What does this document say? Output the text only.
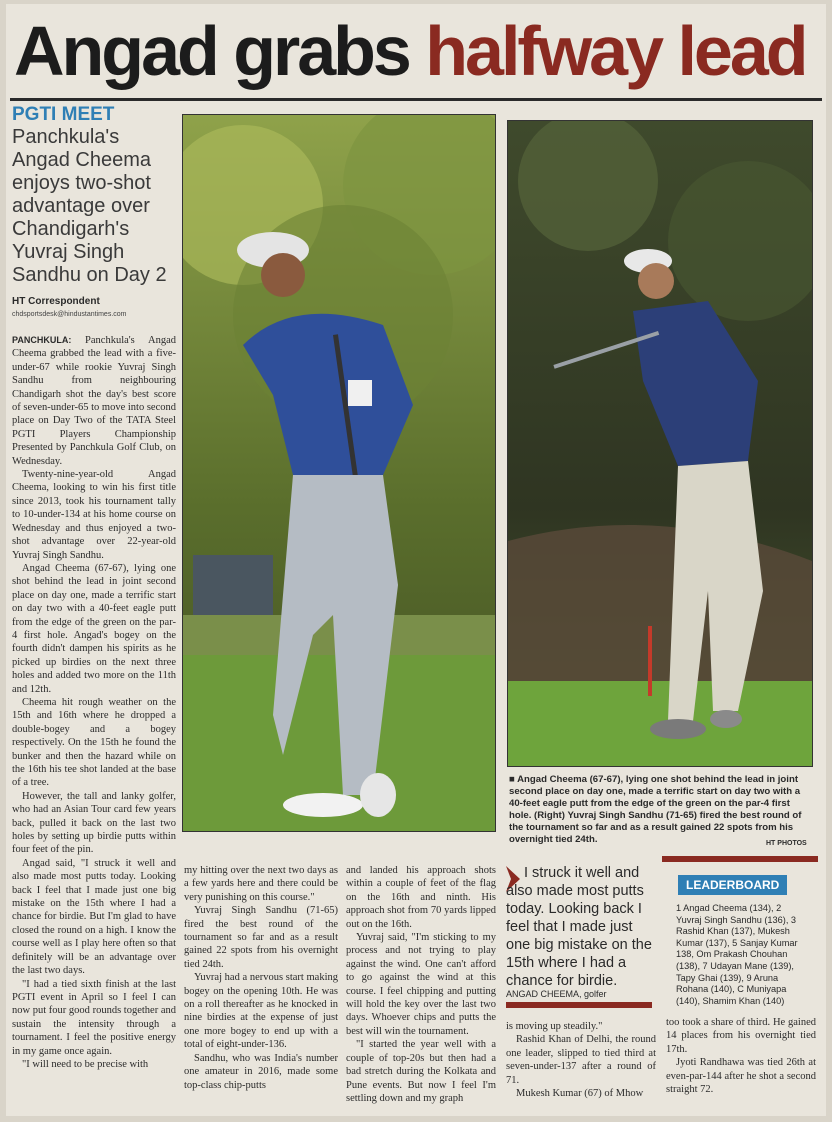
Angad grabs halfway lead
PGTI MEET
Panchkula's Angad Cheema enjoys two-shot advantage over Chandigarh's Yuvraj Singh Sandhu on Day 2
HT Correspondent
chdsportsdesk@hindustantimes.com

PANCHKULA: Panchkula's Angad Cheema grabbed the lead with a five-under-67 while rookie Yuvraj Singh Sandhu from neighbouring Chandigarh shot the day's best score of seven-under-65 to move into second place on Day Two of the TATA Steel PGTI Players Championship Presented by Panchkula Golf Club, on Wednesday.

Twenty-nine-year-old Angad Cheema, looking to win his first title since 2013, took his tournament tally to 10-under-134 at his home course on Wednesday and thus enjoyed a two-shot advantage over 22-year-old Yuvraj Singh Sandhu.

Angad Cheema (67-67), lying one shot behind the lead in joint second place on day one, made a terrific start on day two with a 40-feet eagle putt from the edge of the green on the par-4 first hole. Angad's bogey on the fourth didn't dampen his spirits as he picked up birdies on the next three holes and added two more on the 11th and 12th.

Cheema hit rough weather on the 15th and 16th where he dropped a double-bogey and a bogey respectively. On the 15th he found the bunker and then the hazard while on the 16th his tee shot landed at the base of a tree.

However, the tall and lanky golfer, who had an Asian Tour card few years back, pulled it back on the last two holes by setting up birdie putts within four feet of the pin.

Angad said, "I struck it well and also made most putts today. Looking back I feel that I made just one big mistake on the 15th where I had a chance for birdie. But I'm glad to have closed the round on a high. I know the course well as I play here often so that definitely will be an advantage over the last two days.

"I had a tied sixth finish at the last PGTI event in April so I feel I can now put four good rounds together and sustain the intensity through a tournament. I feel the positive energy in my game once again.

"I will need to be precise with

■ Angad Cheema (67-67), lying one shot behind the lead in joint second place on day one, made a terrific start on day two with a 40-feet eagle putt from the edge of the green on the par-4 first hole. (Right) Yuvraj Singh Sandhu (71-65) fired the best round of the tournament so far and as a result gained 22 spots from his overnight tied 24th.	HT PHOTOS

my hitting over the next two days as a few yards here and there could be very punishing on this course."

Yuvraj Singh Sandhu (71-65) fired the best round of the tournament so far and as a result gained 22 spots from his overnight tied 24th.

Yuvraj had a nervous start making bogey on the opening 10th. He was on a roll thereafter as he knocked in nine birdies at the expense of just one more bogey to end up with a total of eight-under-136.

Sandhu, who was India's number one amateur in 2016, made some top-class chip-putts

and landed his approach shots within a couple of feet of the flag on the 16th and ninth. His approach shot from 70 yards lipped out on the 16th.

Yuvraj said, "I'm sticking to my process and not trying to play against the wind. One can't afford to go against the wind at this course. I feel chipping and putting will hold the key over the last two days. Whoever chips and putts the best will win the tournament.

"I started the year well with a couple of top-20s but then had a bad stretch during the Kolkata and Pune events. But now I feel I'm settling down and my graph

I struck it well and also made most putts today. Looking back I feel that I made just one big mistake on the 15th where I had a chance for birdie.
ANGAD CHEEMA, golfer
LEADERBOARD
1 Angad Cheema (134), 2 Yuvraj Singh Sandhu (136), 3 Rashid Khan (137), Mukesh Kumar (137), 5 Sanjay Kumar 138, Om Prakash Chouhan (138), 7 Udayan Mane (139), Tapy Ghai (139), 9 Aruna Rohana (140), C Muniyapa (140), Shamim Khan (140)

is moving up steadily."

Rashid Khan of Delhi, the round one leader, slipped to tied third at seven-under-137 after a round of 71.

Mukesh Kumar (67) of Mhow

too took a share of third. He gained 14 places from his overnight tied 17th.

Jyoti Randhawa was tied 26th at even-par-144 after he shot a second straight 72.
